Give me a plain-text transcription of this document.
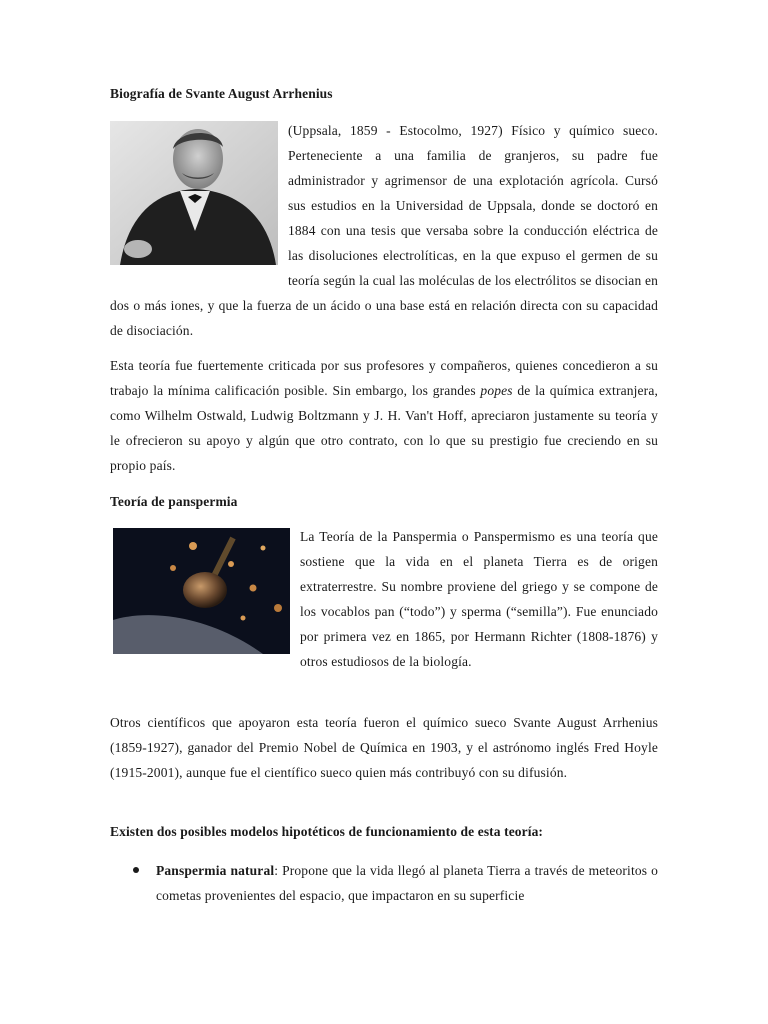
Biografía de Svante August Arrhenius
(Uppsala, 1859 - Estocolmo, 1927) Físico y químico sueco. Perteneciente a una familia de granjeros, su padre fue administrador y agrimensor de una explotación agrícola. Cursó sus estudios en la Universidad de Uppsala, donde se doctoró en 1884 con una tesis que versaba sobre la conducción eléctrica de las disoluciones electrolíticas, en la que expuso el germen de su teoría según la cual las moléculas de los electrólitos se disocian en dos o más iones, y que la fuerza de un ácido o una base está en relación directa con su capacidad de disociación.
Esta teoría fue fuertemente criticada por sus profesores y compañeros, quienes concedieron a su trabajo la mínima calificación posible. Sin embargo, los grandes popes de la química extranjera, como Wilhelm Ostwald, Ludwig Boltzmann y J. H. Van't Hoff, apreciaron justamente su teoría y le ofrecieron su apoyo y algún que otro contrato, con lo que su prestigio fue creciendo en su propio país.
Teoría de panspermia
La Teoría de la Panspermia o Panspermismo es una teoría que sostiene que la vida en el planeta Tierra es de origen extraterrestre. Su nombre proviene del griego y se compone de los vocablos pan (“todo”) y sperma (“semilla”). Fue enunciado por primera vez en 1865, por Hermann Richter (1808-1876) y otros estudiosos de la biología.
Otros científicos que apoyaron esta teoría fueron el químico sueco Svante August Arrhenius (1859-1927), ganador del Premio Nobel de Química en 1903, y el astrónomo inglés Fred Hoyle (1915-2001), aunque fue el científico sueco quien más contribuyó con su difusión.
Existen dos posibles modelos hipotéticos de funcionamiento de esta teoría:
Panspermia natural: Propone que la vida llegó al planeta Tierra a través de meteoritos o cometas provenientes del espacio, que impactaron en su superficie
